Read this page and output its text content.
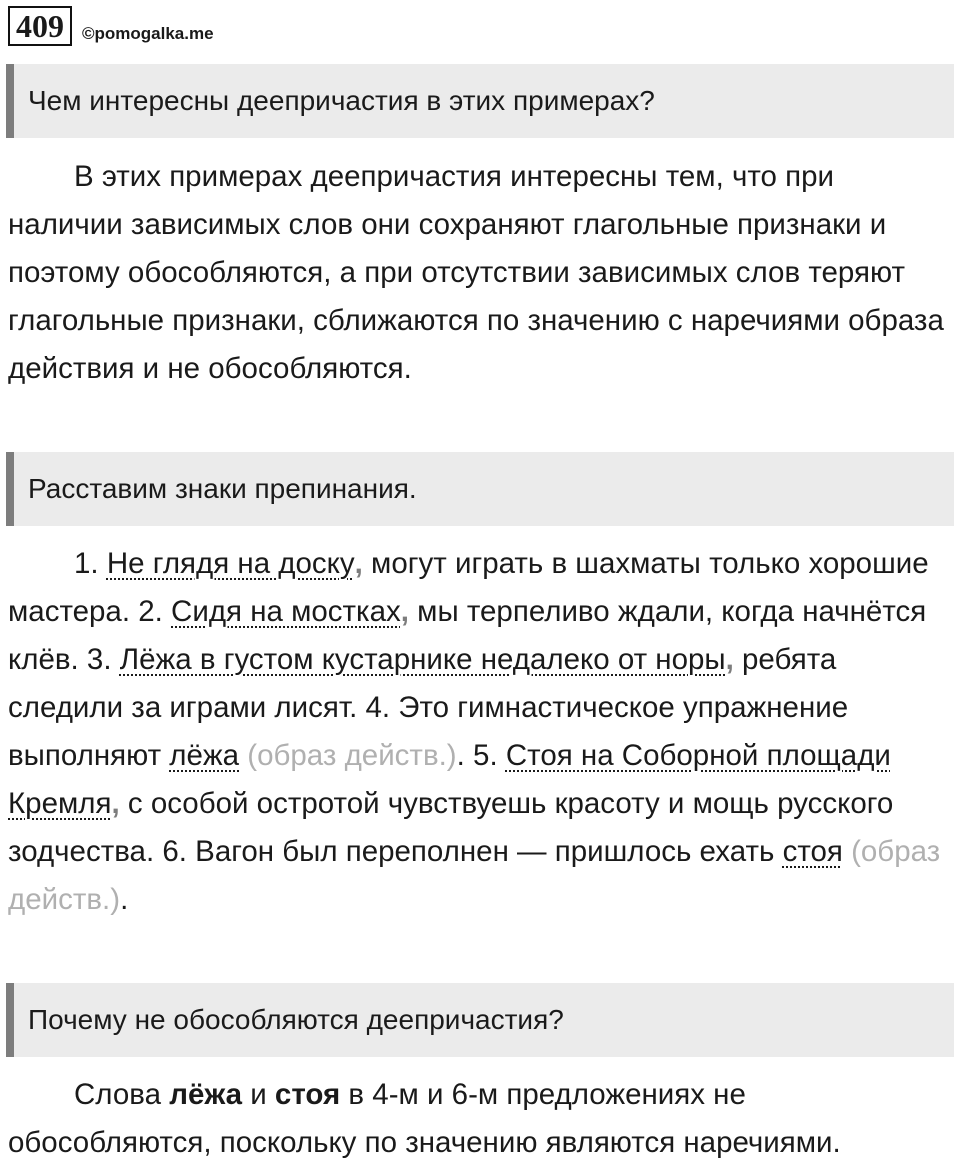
409	©pomogalka.me
Чем интересны деепричастия в этих примерах?

В этих примерах деепричастия интересны тем, что при наличии зависимых слов они сохраняют глагольные признаки и поэтому обособляются, а при отсутствии зависимых слов теряют глагольные признаки, сближаются по значению с наречиями образа действия и не обособляются.

Расставим знаки препинания.

1. Не глядя на доску, могут играть в шахматы только хорошие мастера. 2. Сидя на мостках, мы терпеливо ждали, когда начнётся клёв. 3. Лёжа в густом кустарнике недалеко от норы, ребята следили за играми лисят. 4. Это гимнастическое упражнение выполняют лёжа (образ действ.). 5. Стоя на Соборной площади Кремля, с особой остротой чувствуешь красоту и мощь русского зодчества. 6. Вагон был переполнен — пришлось ехать стоя (образ действ.).

Почему не обособляются деепричастия?

Слова лёжа и стоя в 4-м и 6-м предложениях не обособляются, поскольку по значению являются наречиями.
